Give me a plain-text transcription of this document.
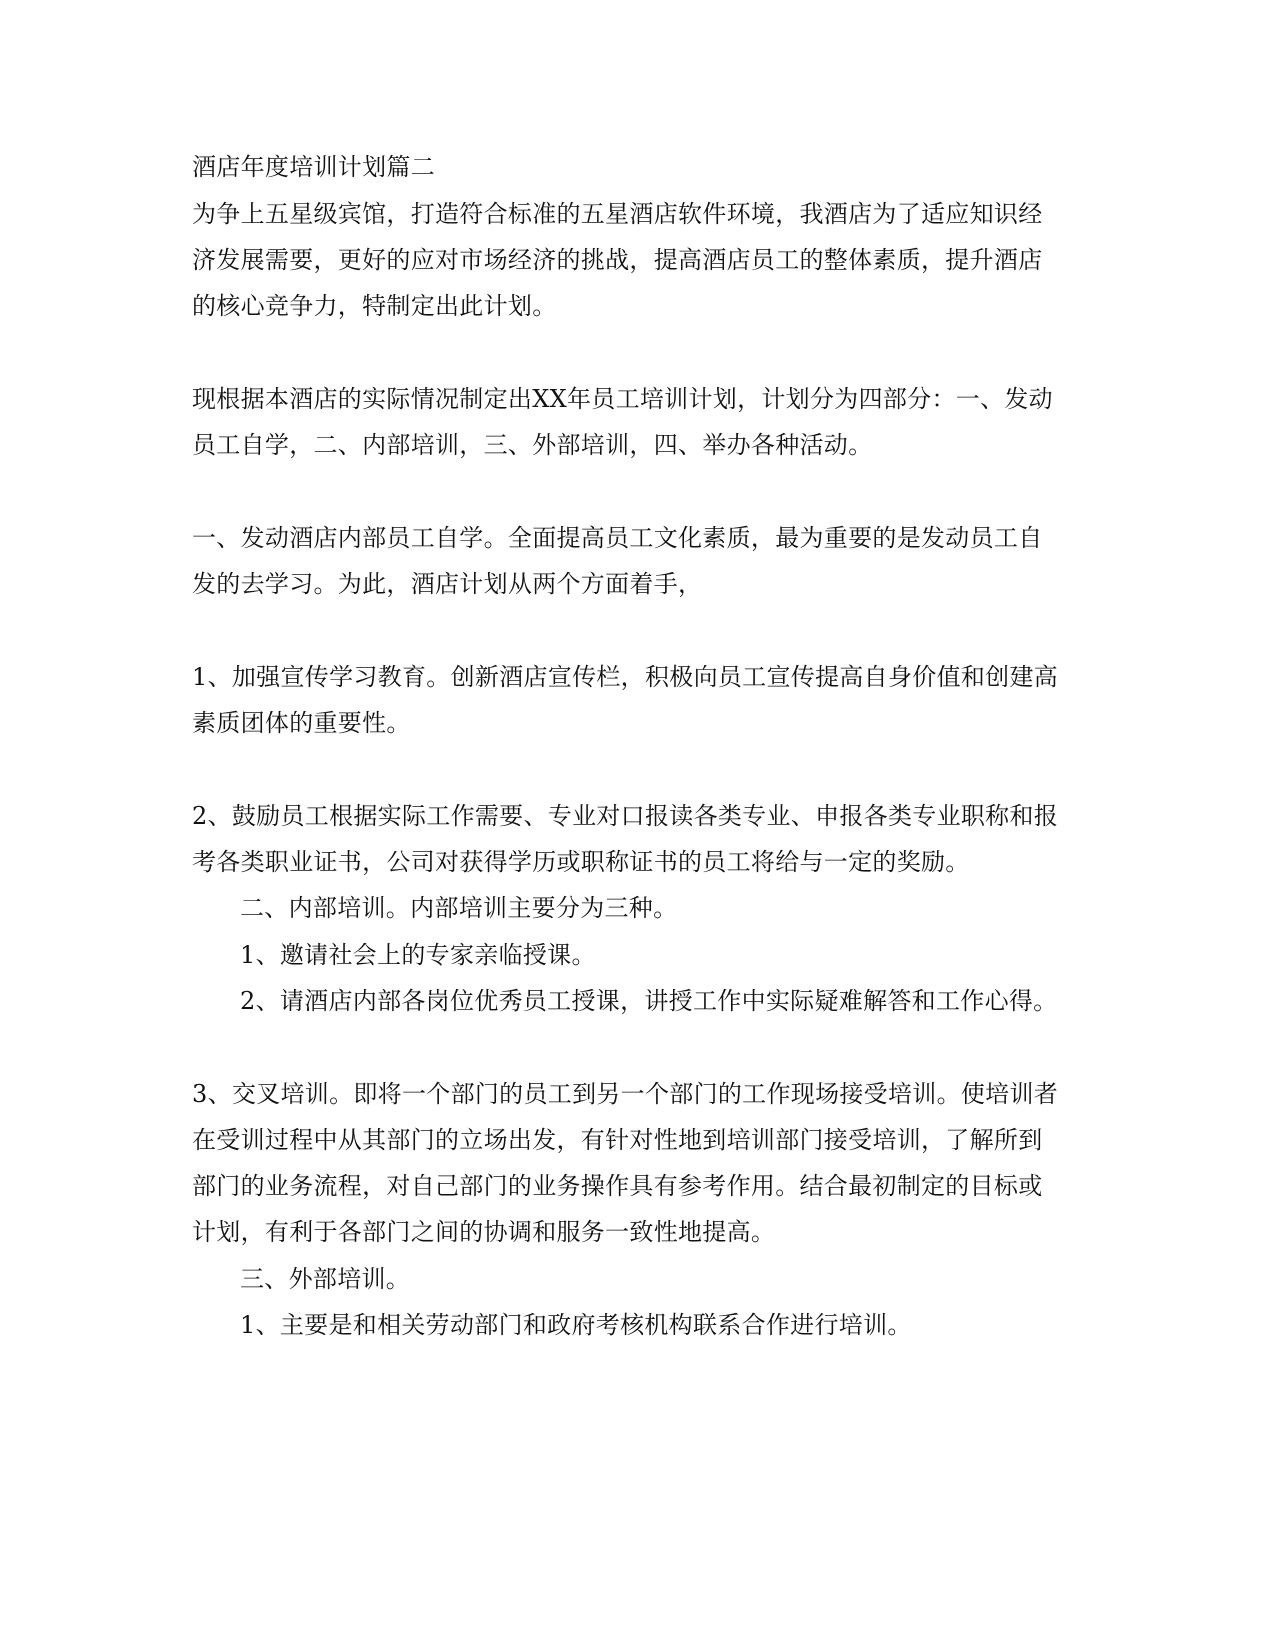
酒店年度培训计划篇二
为争上五星级宾馆，打造符合标准的五星酒店软件环境，我酒店为了适应知识经
济发展需要，更好的应对市场经济的挑战，提高酒店员工的整体素质，提升酒店
的核心竞争力，特制定出此计划。
现根据本酒店的实际情况制定出XX年员工培训计划，计划分为四部分：一、发动
员工自学，二、内部培训，三、外部培训，四、举办各种活动。
一、发动酒店内部员工自学。全面提高员工文化素质，最为重要的是发动员工自
发的去学习。为此，酒店计划从两个方面着手，
1、加强宣传学习教育。创新酒店宣传栏，积极向员工宣传提高自身价值和创建高
素质团体的重要性。
2、鼓励员工根据实际工作需要、专业对口报读各类专业、申报各类专业职称和报
考各类职业证书，公司对获得学历或职称证书的员工将给与一定的奖励。
二、内部培训。内部培训主要分为三种。
1、邀请社会上的专家亲临授课。
2、请酒店内部各岗位优秀员工授课，讲授工作中实际疑难解答和工作心得。
3、交叉培训。即将一个部门的员工到另一个部门的工作现场接受培训。使培训者
在受训过程中从其部门的立场出发，有针对性地到培训部门接受培训，了解所到
部门的业务流程，对自己部门的业务操作具有参考作用。结合最初制定的目标或
计划，有利于各部门之间的协调和服务一致性地提高。
三、外部培训。
1、主要是和相关劳动部门和政府考核机构联系合作进行培训。
